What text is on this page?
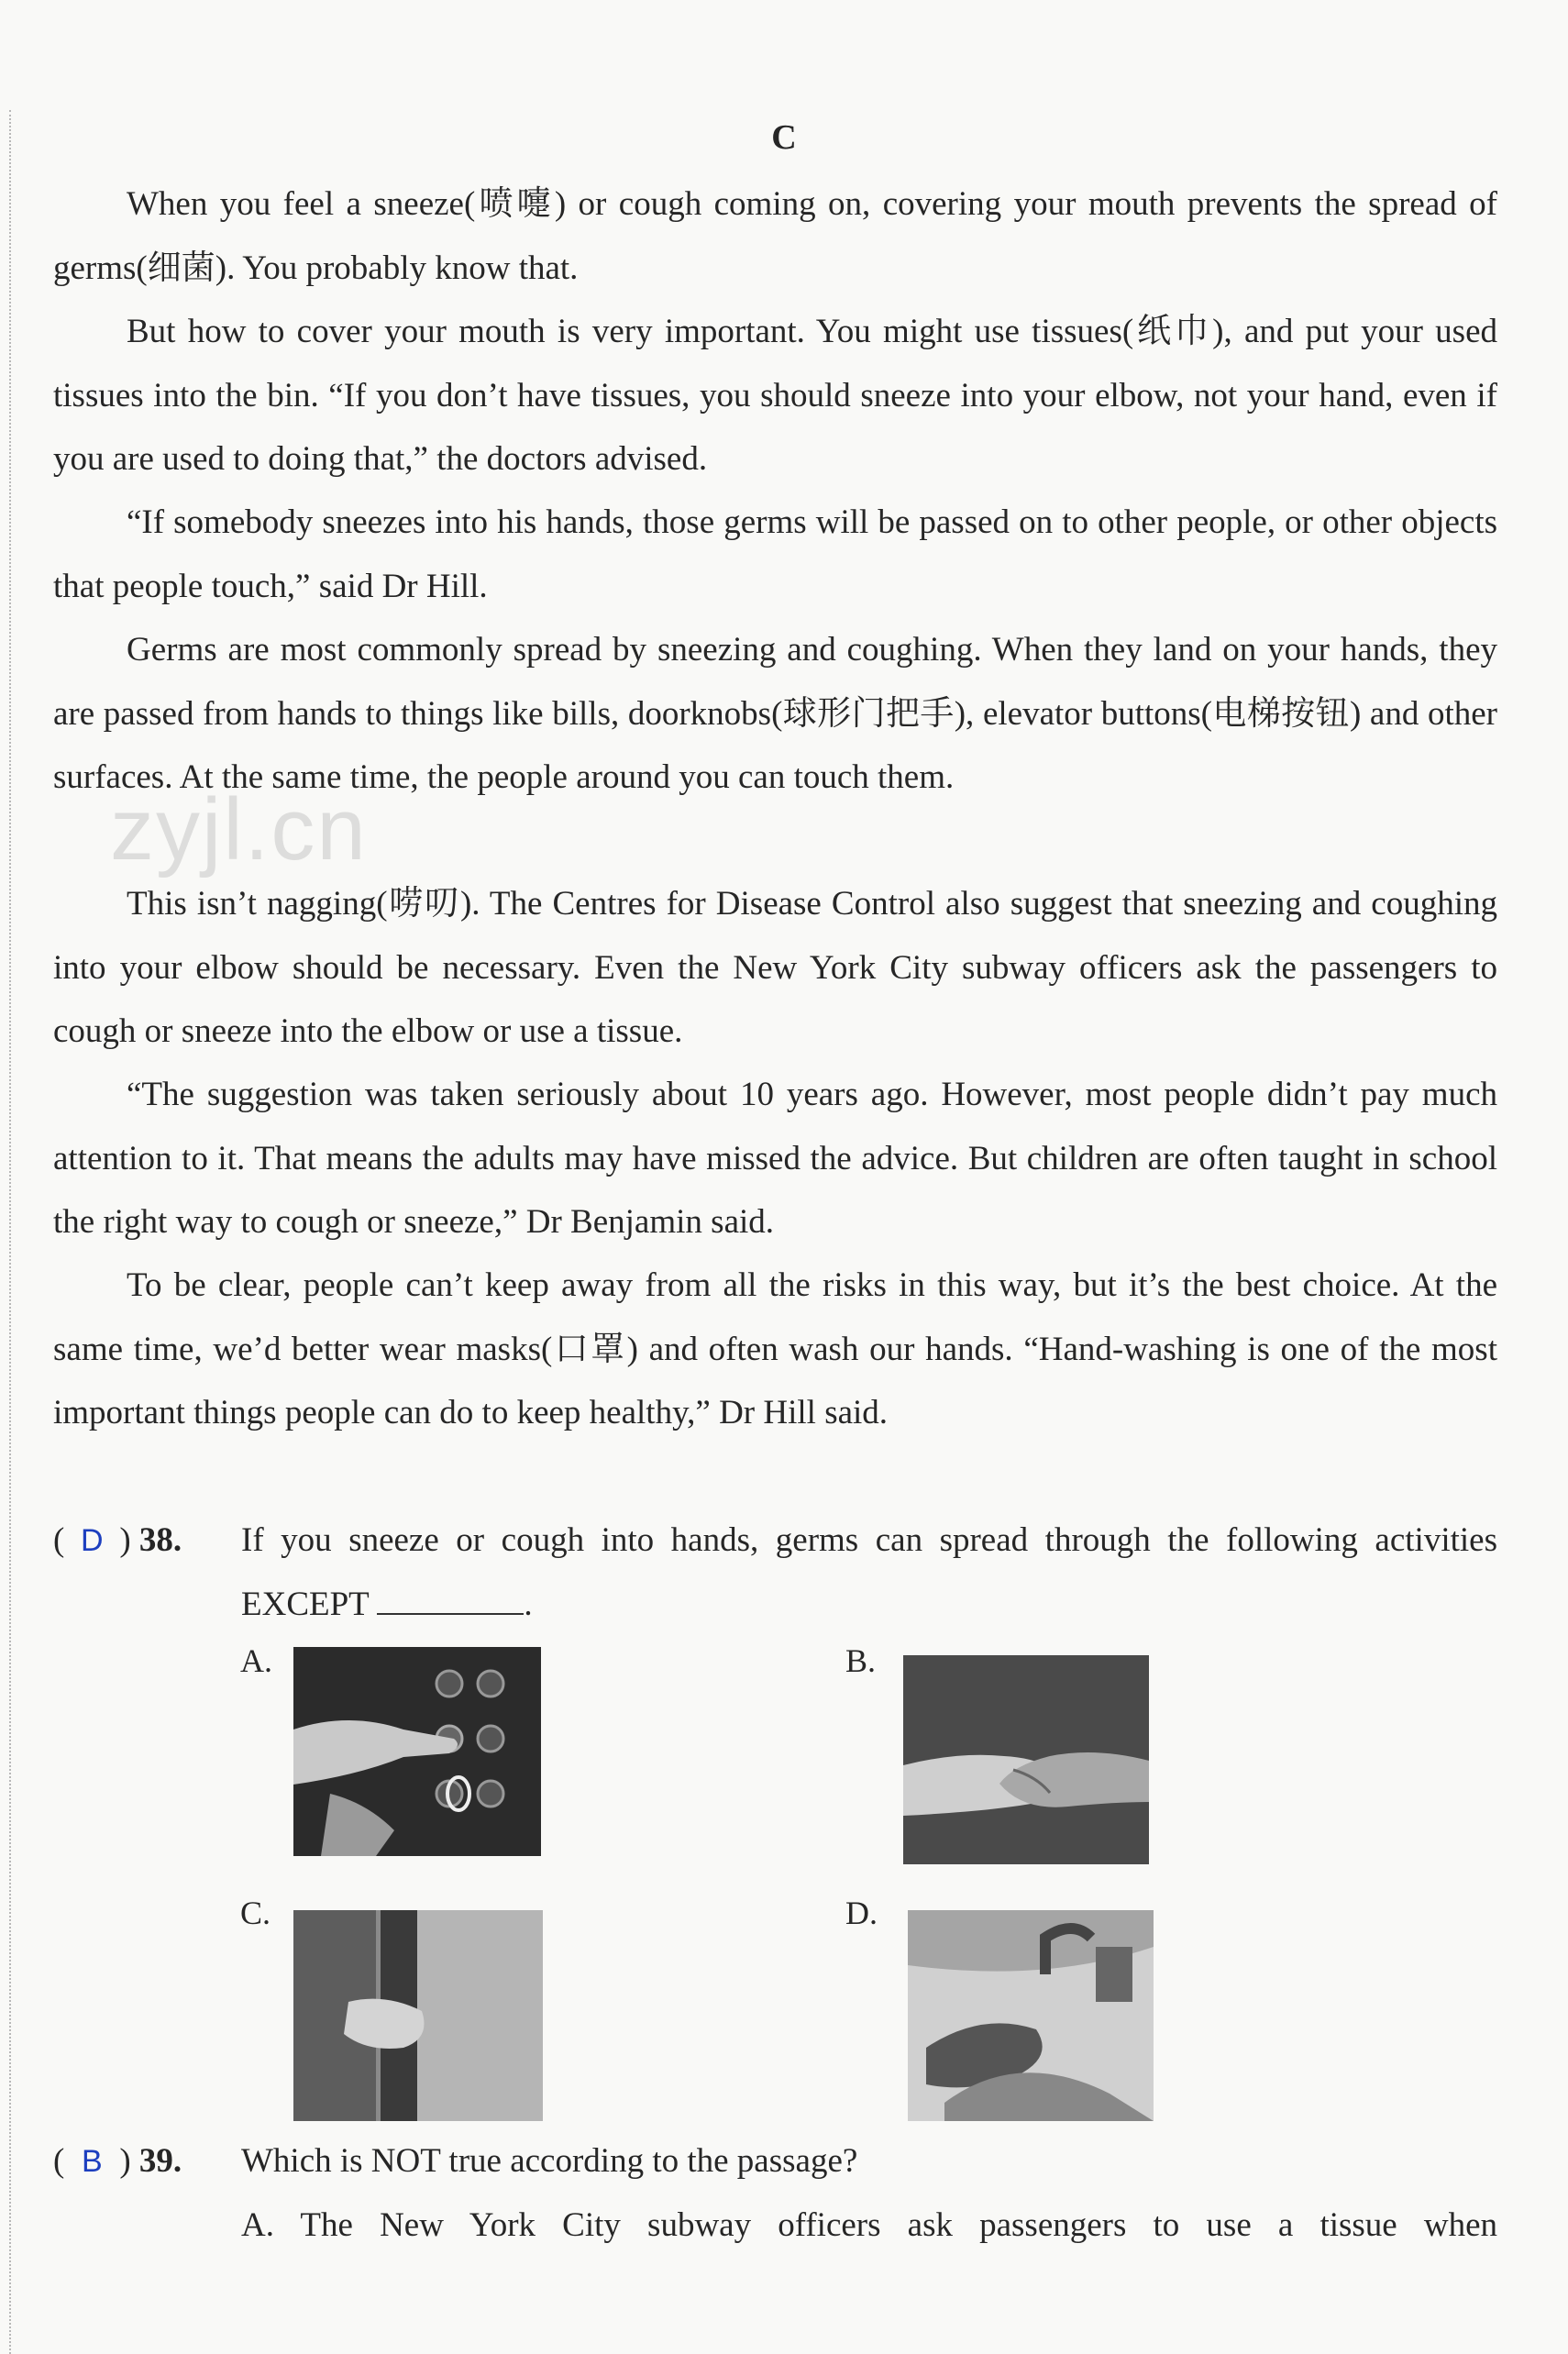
C

When you feel a sneeze(喷嚏) or cough coming on, covering your mouth prevents the spread of germs(细菌). You probably know that.

But how to cover your mouth is very important. You might use tissues(纸巾), and put your used tissues into the bin. “If you don’t have tissues, you should sneeze into your elbow, not your hand, even if you are used to doing that,” the doctors advised.

“If somebody sneezes into his hands, those germs will be passed on to other people, or other objects that people touch,” said Dr Hill.

Germs are most commonly spread by sneezing and coughing. When they land on your hands, they are passed from hands to things like bills, doorknobs(球形门把手), elevator buttons(电梯按钮) and other surfaces. At the same time, the people around you can touch them.

This isn’t nagging(唠叨). The Centres for Disease Control also suggest that sneezing and coughing into your elbow should be necessary. Even the New York City subway officers ask the passengers to cough or sneeze into the elbow or use a tissue.

“The suggestion was taken seriously about 10 years ago. However, most people didn’t pay much attention to it. That means the adults may have missed the advice. But children are often taught in school the right way to cough or sneeze,” Dr Benjamin said.

To be clear, people can’t keep away from all the risks in this way, but it’s the best choice. At the same time, we’d better wear masks(口罩) and often wash our hands. “Hand-washing is one of the most important things people can do to keep healthy,” Dr Hill said.

zyjl.cn
( D ) 38.	If you sneeze or cough into hands, germs can spread through the following activities EXCEPT	.
A.	B.
C.	D.
( B ) 39.	Which is NOT true according to the passage?
A. The New York City subway officers ask passengers to use a tissue when
